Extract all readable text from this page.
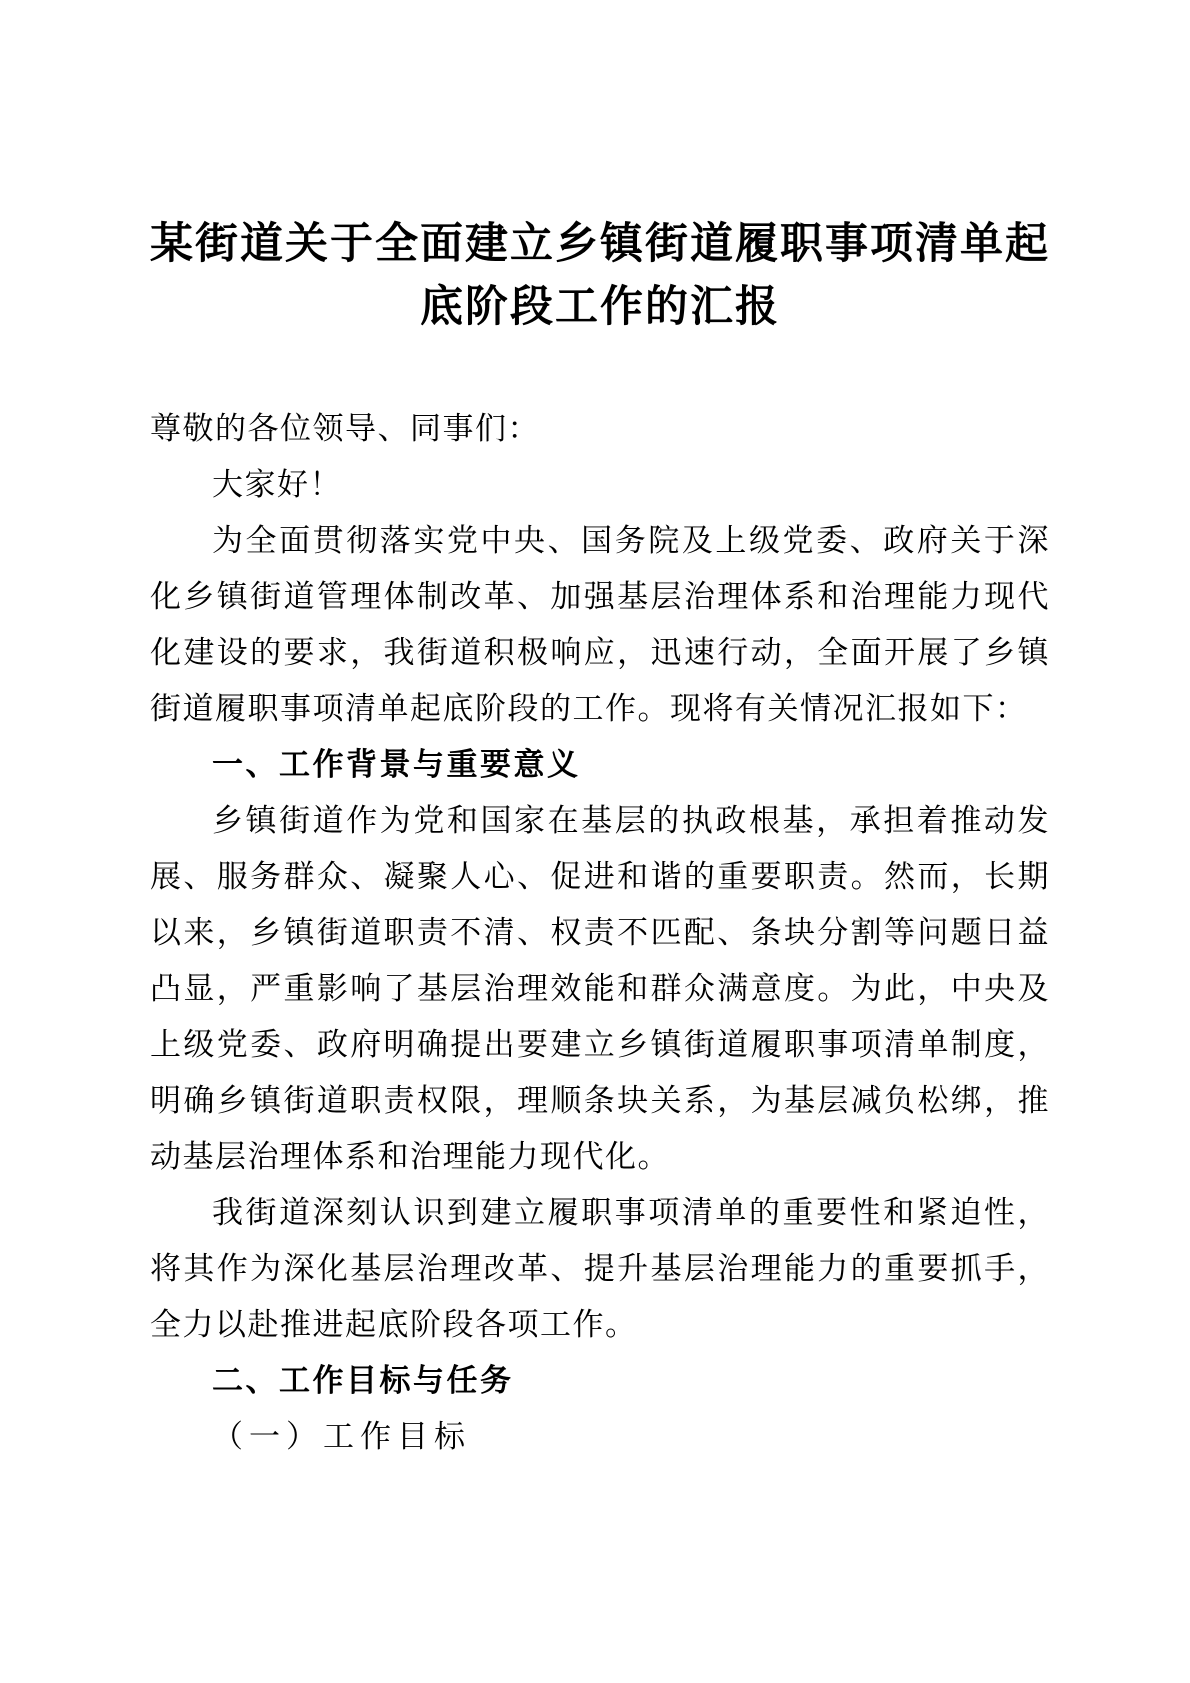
某街道关于全面建立乡镇街道履职事项清单起底阶段工作的汇报
尊敬的各位领导、同事们：
大家好！
为全面贯彻落实党中央、国务院及上级党委、政府关于深化乡镇街道管理体制改革、加强基层治理体系和治理能力现代化建设的要求，我街道积极响应，迅速行动，全面开展了乡镇街道履职事项清单起底阶段的工作。现将有关情况汇报如下：
一、工作背景与重要意义
乡镇街道作为党和国家在基层的执政根基，承担着推动发展、服务群众、凝聚人心、促进和谐的重要职责。然而，长期以来，乡镇街道职责不清、权责不匹配、条块分割等问题日益凸显，严重影响了基层治理效能和群众满意度。为此，中央及上级党委、政府明确提出要建立乡镇街道履职事项清单制度，明确乡镇街道职责权限，理顺条块关系，为基层减负松绑，推动基层治理体系和治理能力现代化。
我街道深刻认识到建立履职事项清单的重要性和紧迫性，将其作为深化基层治理改革、提升基层治理能力的重要抓手，全力以赴推进起底阶段各项工作。
二、工作目标与任务
（一）工作目标
